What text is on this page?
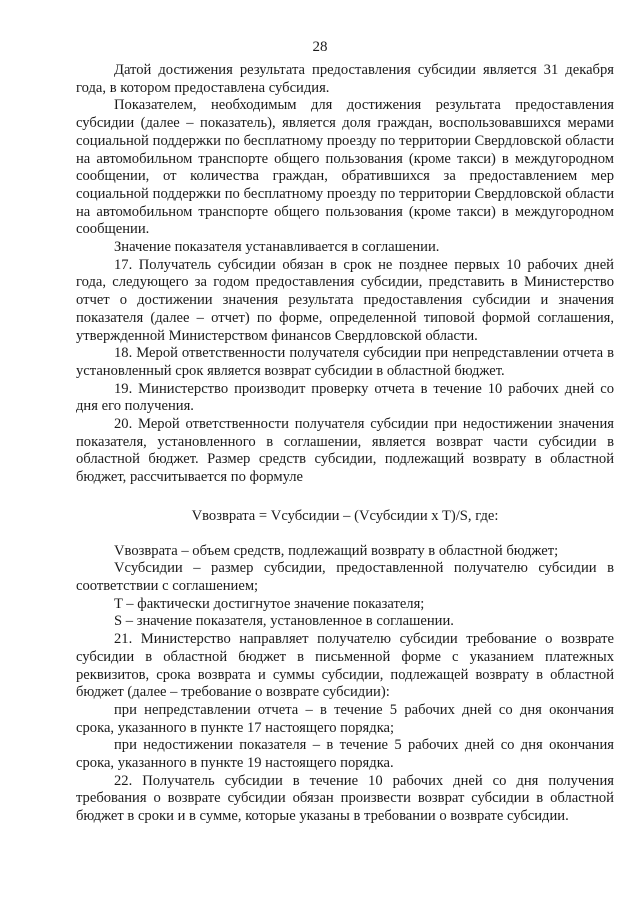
28

Датой достижения результата предоставления субсидии является 31 декабря года, в котором предоставлена субсидия.

Показателем, необходимым для достижения результата предоставления субсидии (далее – показатель), является доля граждан, воспользовавшихся мерами социальной поддержки по бесплатному проезду по территории Свердловской области на автомобильном транспорте общего пользования (кроме такси) в междугородном сообщении, от количества граждан, обратившихся за предоставлением мер социальной поддержки по бесплатному проезду по территории Свердловской области на автомобильном транспорте общего пользования (кроме такси) в междугородном сообщении.

Значение показателя устанавливается в соглашении.

17. Получатель субсидии обязан в срок не позднее первых 10 рабочих дней года, следующего за годом предоставления субсидии, представить в Министерство отчет о достижении значения результата предоставления субсидии и значения показателя (далее – отчет) по форме, определенной типовой формой соглашения, утвержденной Министерством финансов Свердловской области.

18. Мерой ответственности получателя субсидии при непредставлении отчета в установленный срок является возврат субсидии в областной бюджет.

19. Министерство производит проверку отчета в течение 10 рабочих дней со дня его получения.

20. Мерой ответственности получателя субсидии при недостижении значения показателя, установленного в соглашении, является возврат части субсидии в областной бюджет. Размер средств субсидии, подлежащий возврату в областной бюджет, рассчитывается по формуле

Vвозврата = Vсубсидии – (Vсубсидии x T)/S, где:

Vвозврата – объем средств, подлежащий возврату в областной бюджет;

Vсубсидии – размер субсидии, предоставленной получателю субсидии в соответствии с соглашением;

T – фактически достигнутое значение показателя;

S – значение показателя, установленное в соглашении.

21. Министерство направляет получателю субсидии требование о возврате субсидии в областной бюджет в письменной форме с указанием платежных реквизитов, срока возврата и суммы субсидии, подлежащей возврату в областной бюджет (далее – требование о возврате субсидии):

при непредставлении отчета – в течение 5 рабочих дней со дня окончания срока, указанного в пункте 17 настоящего порядка;

при недостижении показателя – в течение 5 рабочих дней со дня окончания срока, указанного в пункте 19 настоящего порядка.

22. Получатель субсидии в течение 10 рабочих дней со дня получения требования о возврате субсидии обязан произвести возврат субсидии в областной бюджет в сроки и в сумме, которые указаны в требовании о возврате субсидии.
